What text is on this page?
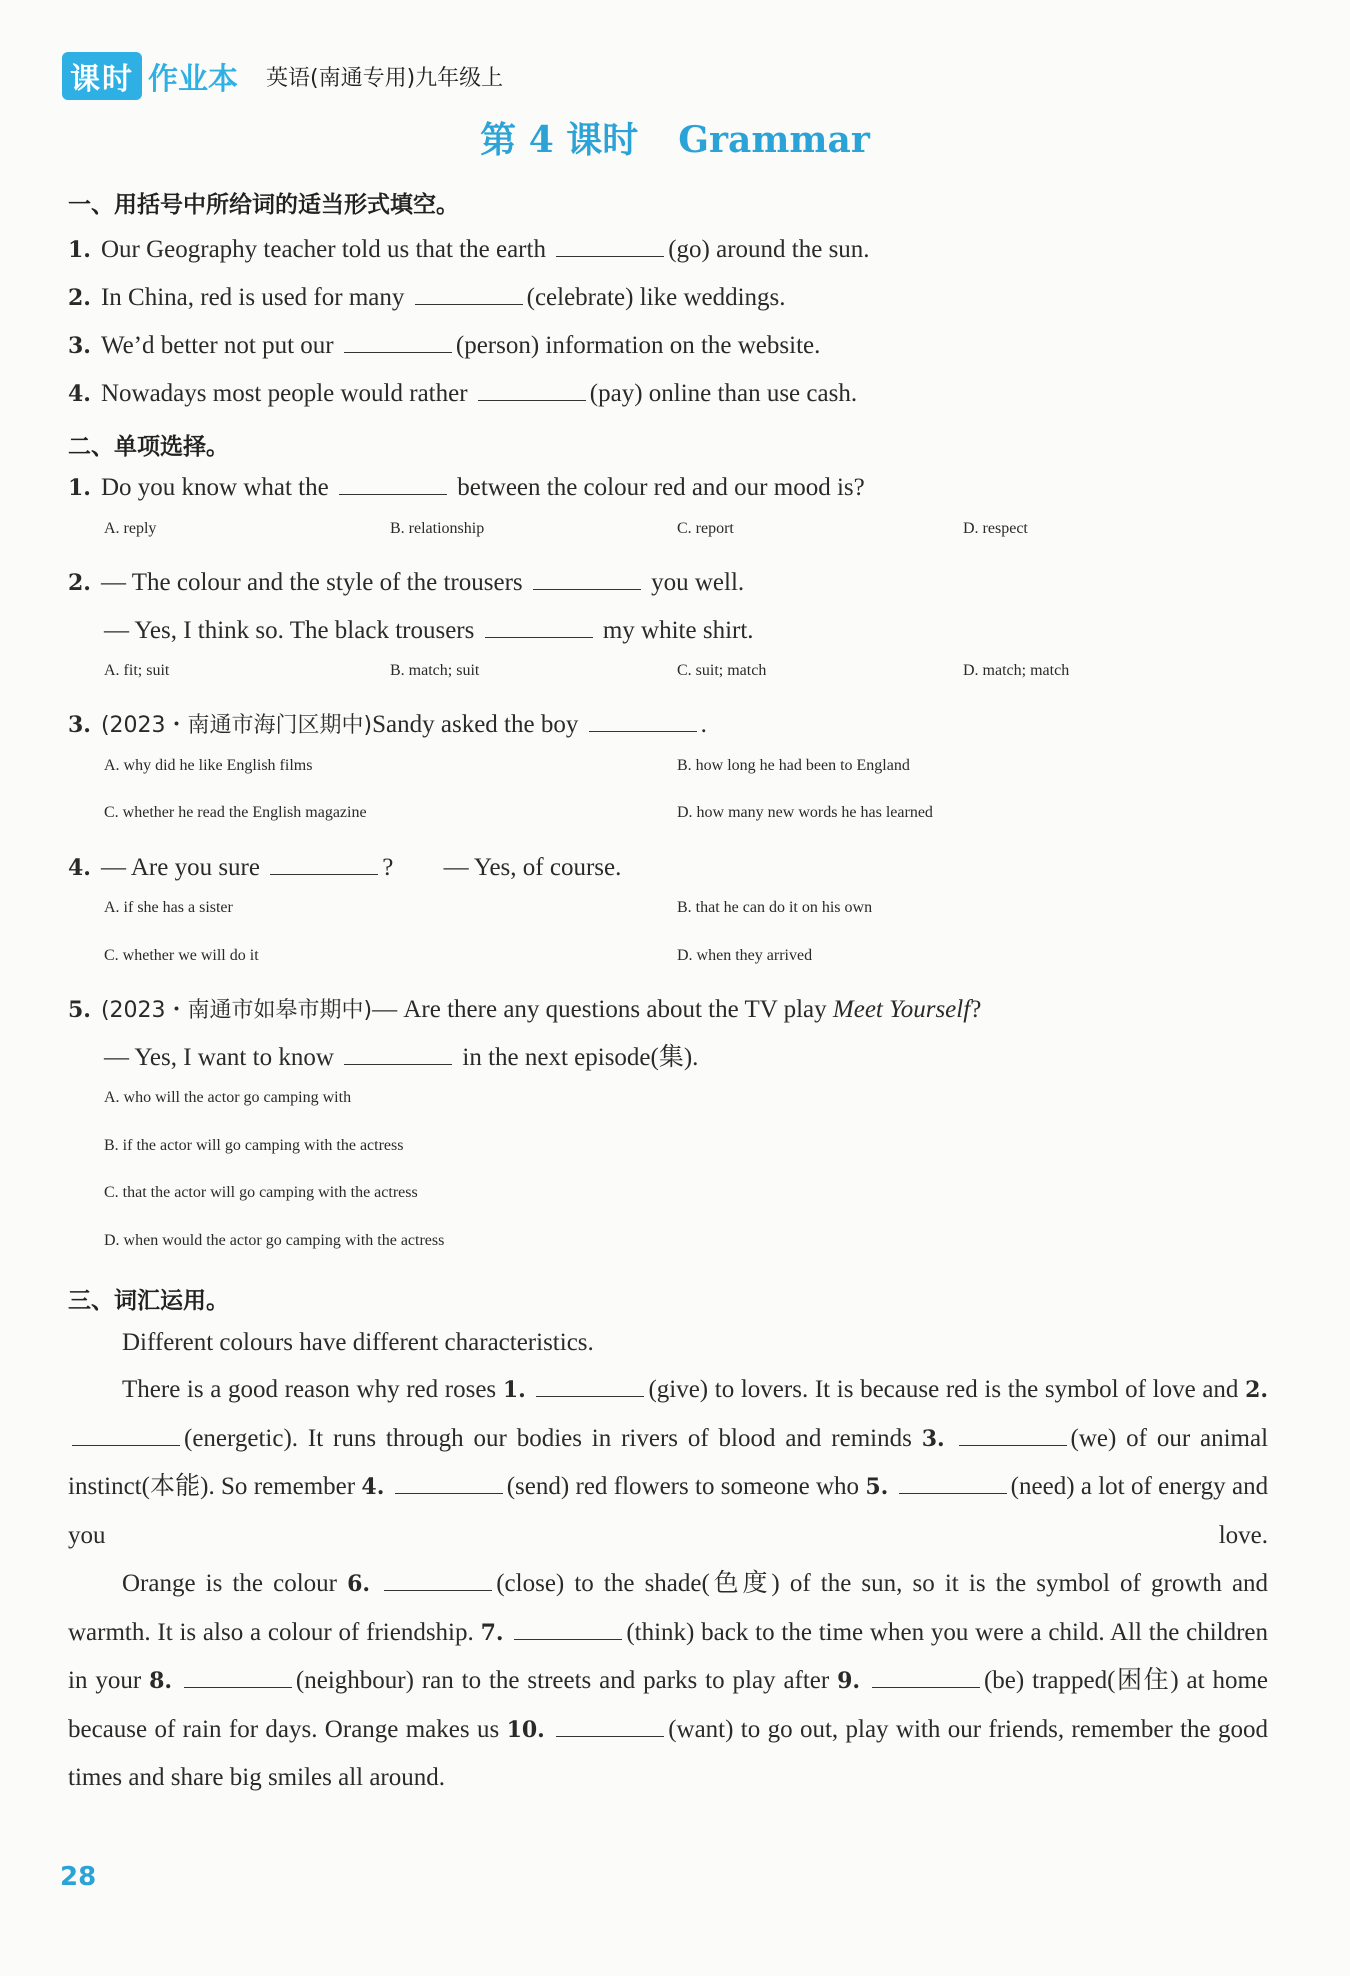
课时 作业本 英语(南通专用)九年级上
第 4 课时 Grammar
一、用括号中所给词的适当形式填空。
1. Our Geography teacher told us that the earth	(go) around the sun.
2. In China, red is used for many	(celebrate) like weddings.
3. We’d better not put our	(person) information on the website.
4. Nowadays most people would rather	(pay) online than use cash.
二、单项选择。
1. Do you know what the	between the colour red and our mood is?
A. reply	B. relationship	C. report	D. respect
2. — The colour and the style of the trousers	you well.
— Yes, I think so. The black trousers	my white shirt.
A. fit; suit	B. match; suit	C. suit; match	D. match; match
3. (2023・南通市海门区期中)Sandy asked the boy	.
A. why did he like English films	B. how long he had been to England
C. whether he read the English magazine	D. how many new words he has learned
4. — Are you sure	? — Yes, of course.
A. if she has a sister	B. that he can do it on his own
C. whether we will do it	D. when they arrived
5. (2023・南通市如皋市期中)— Are there any questions about the TV play Meet Yourself?
— Yes, I want to know	in the next episode(集).
A. who will the actor go camping with
B. if the actor will go camping with the actress
C. that the actor will go camping with the actress
D. when would the actor go camping with the actress
三、词汇运用。
Different colours have different characteristics.
There is a good reason why red roses 1.	(give) to lovers. It is because red is the symbol of love and 2. (energetic). It runs through our bodies in rivers of blood and reminds 3.	(we) of our animal instinct(本能). So remember 4.	(send) red flowers to someone who 5.	(need) a lot of energy and you love.
Orange is the colour 6.	(close) to the shade(色度) of the sun, so it is the symbol of growth and warmth. It is also a colour of friendship. 7.	(think) back to the time when you were a child. All the children in your 8.	(neighbour) ran to the streets and parks to play after 9.	(be) trapped(困住) at home because of rain for days. Orange makes us 10.	(want) to go out, play with our friends, remember the good times and share big smiles all around.
28
